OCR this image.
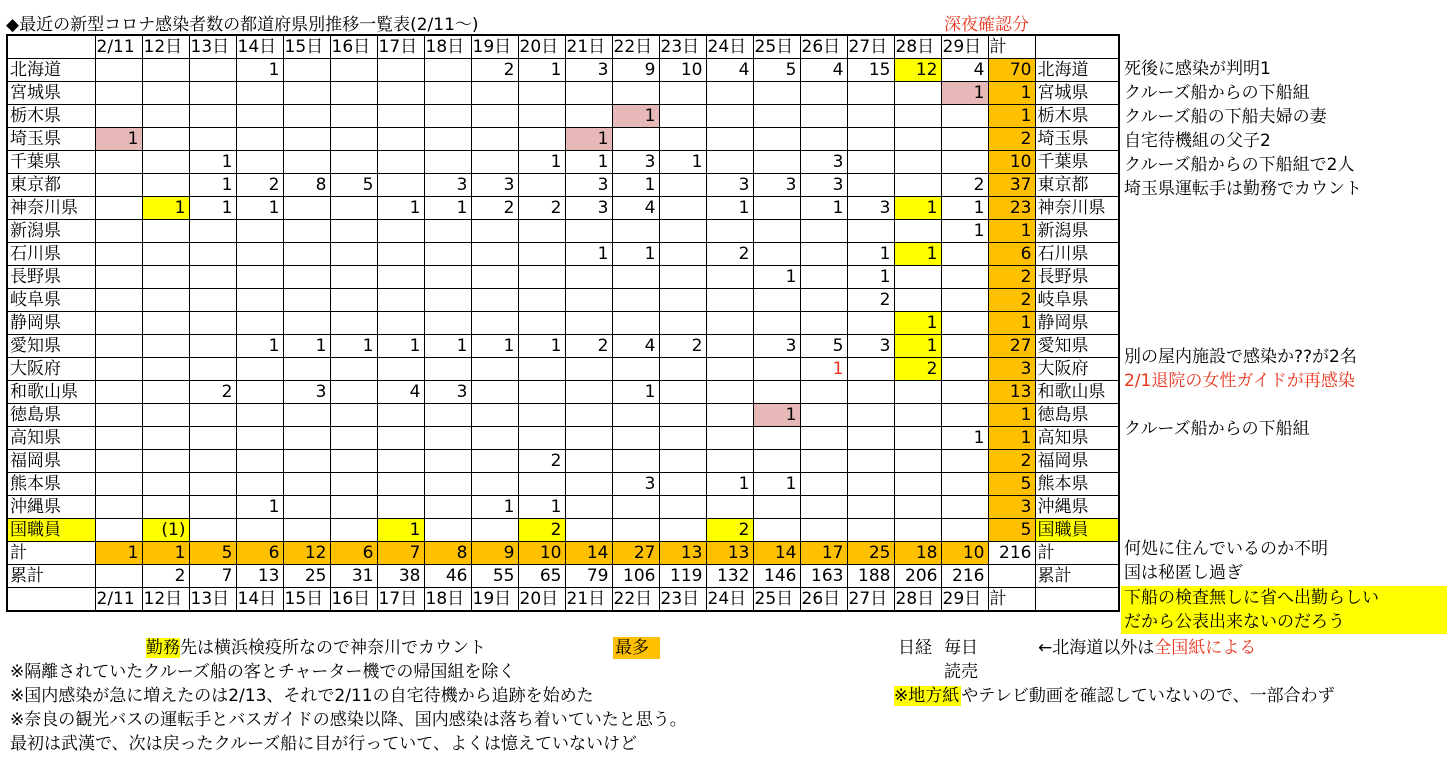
◆最近の新型コロナ感染者数の都道府県別推移一覧表(2/11～)	深夜確認分
	2/11	12日	13日	14日	15日	16日	17日	18日	19日	20日	21日	22日	23日	24日	25日	26日	27日	28日	29日	計	
北海道				1					2	1	3	9	10	4	5	4	15	12	4	70	北海道
宮城県																			1	1	宮城県
栃木県												1								1	栃木県
埼玉県	1										1									2	埼玉県
千葉県			1							1	1	3	1			3				10	千葉県
東京都			1	2	8	5		3	3		3	1		3	3	3			2	37	東京都
神奈川県		1	1	1			1	1	2	2	3	4		1		1	3	1	1	23	神奈川県
新潟県																			1	1	新潟県
石川県											1	1		2			1	1		6	石川県
長野県															1		1			2	長野県
岐阜県																	2			2	岐阜県
静岡県																		1		1	静岡県
愛知県				1	1	1	1	1	1	1	2	4	2		3	5	3	1		27	愛知県
大阪府																1		2		3	大阪府
和歌山県			2		3		4	3				1								13	和歌山県
徳島県															1					1	徳島県
高知県																			1	1	高知県
福岡県										2										2	福岡県
熊本県												3		1	1					5	熊本県
沖縄県				1					1	1										3	沖縄県
国職員		(1)					1			2				2						5	国職員
計	1	1	5	6	12	6	7	8	9	10	14	27	13	13	14	17	25	18	10	216	計
累計		2	7	13	25	31	38	46	55	65	79	106	119	132	146	163	188	206	216		累計
	2/11	12日	13日	14日	15日	16日	17日	18日	19日	20日	21日	22日	23日	24日	25日	26日	27日	28日	29日	計	
死後に感染が判明1
クルーズ船からの下船組
クルーズ船の下船夫婦の妻
自宅待機組の父子2
クルーズ船からの下船組で2人
埼玉県運転手は勤務でカウント
別の屋内施設で感染か??が2名
2/1退院の女性ガイドが再感染
クルーズ船からの下船組
何処に住んでいるのか不明
国は秘匿し過ぎ
下船の検査無しに省へ出勤らしい
だから公表出来ないのだろう
勤務先は横浜検疫所なので神奈川でカウント	最多	日経 毎日	←北海道以外は全国紙による
※隔離されていたクルーズ船の客とチャーター機での帰国組を除く	読売
※国内感染が急に増えたのは2/13、それで2/11の自宅待機から追跡を始めた	※地方紙 やテレビ動画を確認していないので、一部合わず
※奈良の観光バスの運転手とバスガイドの感染以降、国内感染は落ち着いていたと思う。
最初は武漢で、次は戻ったクルーズ船に目が行っていて、よくは憶えていないけど
